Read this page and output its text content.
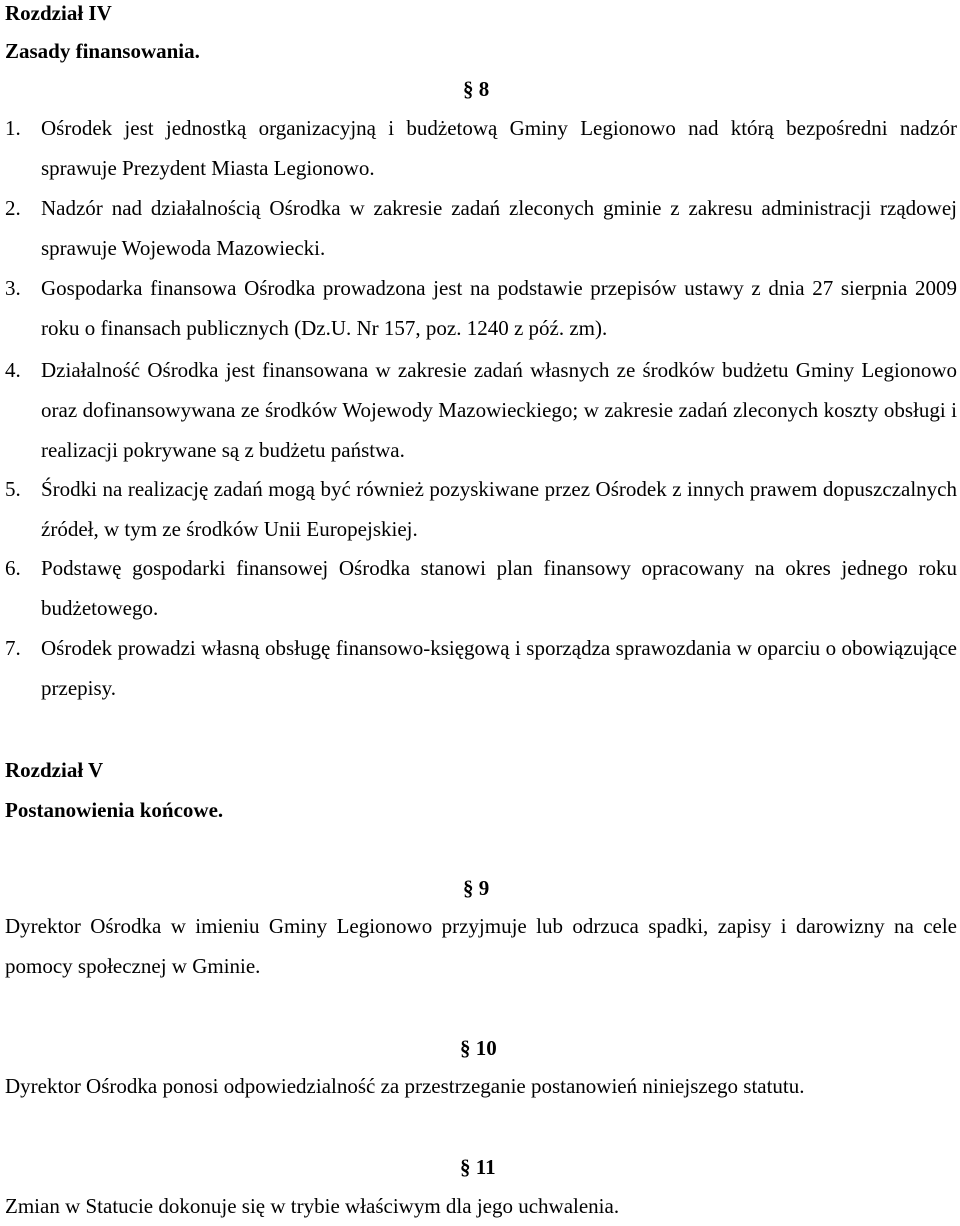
Rozdział IV
Zasady finansowania.
§ 8
1. Ośrodek jest jednostką organizacyjną i budżetową Gminy Legionowo nad którą bezpośredni nadzór sprawuje Prezydent Miasta Legionowo.
2. Nadzór nad działalnością Ośrodka w zakresie zadań zleconych gminie z zakresu administracji rządowej sprawuje Wojewoda Mazowiecki.
3. Gospodarka finansowa Ośrodka prowadzona jest na podstawie przepisów ustawy z dnia 27 sierpnia 2009 roku o finansach publicznych (Dz.U. Nr 157, poz. 1240 z póź. zm).
4. Działalność Ośrodka jest finansowana w zakresie zadań własnych ze środków budżetu Gminy Legionowo oraz dofinansowywana ze środków Wojewody Mazowieckiego; w zakresie zadań zleconych koszty obsługi i realizacji pokrywane są z budżetu państwa.
5. Środki na realizację zadań mogą być również pozyskiwane przez Ośrodek z innych prawem dopuszczalnych źródeł, w tym ze środków Unii Europejskiej.
6. Podstawę gospodarki finansowej Ośrodka stanowi plan finansowy opracowany na okres jednego roku budżetowego.
7. Ośrodek prowadzi własną obsługę finansowo-księgową i sporządza sprawozdania w oparciu o obowiązujące przepisy.
Rozdział V
Postanowienia końcowe.
§ 9
Dyrektor Ośrodka w imieniu Gminy Legionowo przyjmuje lub odrzuca spadki, zapisy i darowizny na cele pomocy społecznej w Gminie.
§ 10
Dyrektor Ośrodka ponosi odpowiedzialność za przestrzeganie postanowień niniejszego statutu.
§ 11
Zmian w Statucie dokonuje się w trybie właściwym dla jego uchwalenia.
